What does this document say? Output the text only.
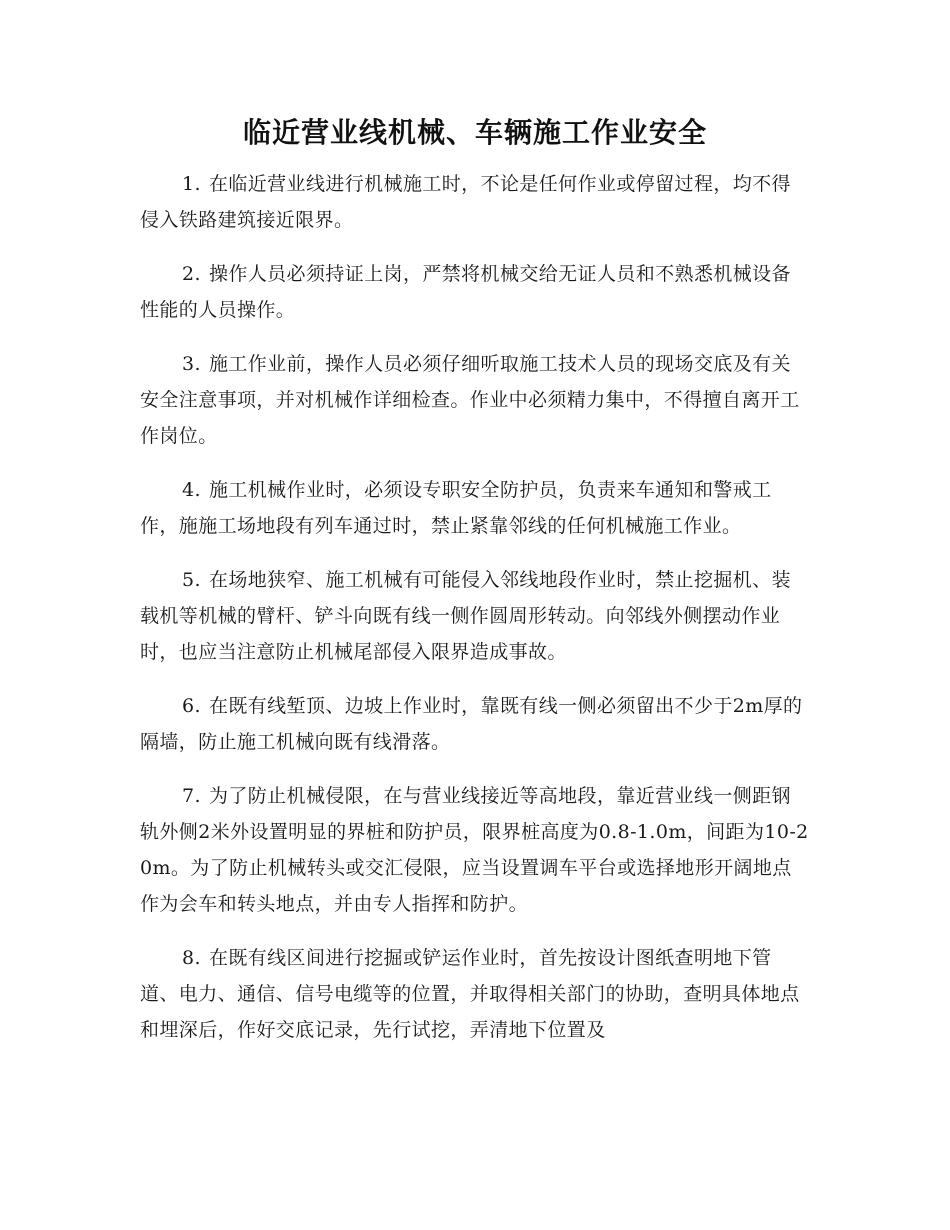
临近营业线机械、车辆施工作业安全

1. 在临近营业线进行机械施工时，不论是任何作业或停留过程，均不得侵入铁路建筑接近限界。

2. 操作人员必须持证上岗，严禁将机械交给无证人员和不熟悉机械设备性能的人员操作。

3. 施工作业前，操作人员必须仔细听取施工技术人员的现场交底及有关安全注意事项，并对机械作详细检查。作业中必须精力集中，不得擅自离开工作岗位。

4. 施工机械作业时，必须设专职安全防护员，负责来车通知和警戒工作，施施工场地段有列车通过时，禁止紧靠邻线的任何机械施工作业。

5. 在场地狭窄、施工机械有可能侵入邻线地段作业时，禁止挖掘机、装载机等机械的臂杆、铲斗向既有线一侧作圆周形转动。向邻线外侧摆动作业时，也应当注意防止机械尾部侵入限界造成事故。

6. 在既有线堑顶、边坡上作业时，靠既有线一侧必须留出不少于2m厚的隔墙，防止施工机械向既有线滑落。

7. 为了防止机械侵限，在与营业线接近等高地段，靠近营业线一侧距钢轨外侧2米外设置明显的界桩和防护员，限界桩高度为0.8-1.0m，间距为10-20m。为了防止机械转头或交汇侵限，应当设置调车平台或选择地形开阔地点作为会车和转头地点，并由专人指挥和防护。

8. 在既有线区间进行挖掘或铲运作业时，首先按设计图纸查明地下管道、电力、通信、信号电缆等的位置，并取得相关部门的协助，查明具体地点和埋深后，作好交底记录，先行试挖，弄清地下位置及
